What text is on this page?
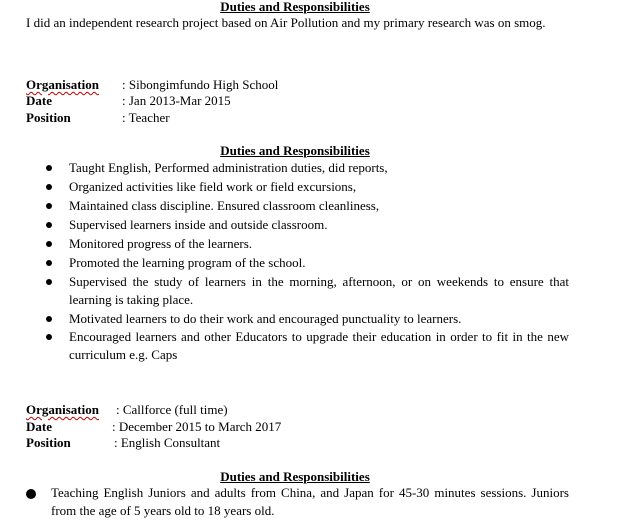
Duties and Responsibilities
I did an independent research project based on Air Pollution and my primary research was on smog.
Organisation : Sibongimfundo High School
Date	: Jan 2013-Mar 2015
Position	: Teacher
Duties and Responsibilities
Taught English, Performed administration duties, did reports,
Organized activities like field work or field excursions,
Maintained class discipline. Ensured classroom cleanliness,
Supervised learners inside and outside classroom.
Monitored progress of the learners.
Promoted the learning program of the school.
Supervised the study of learners in the morning, afternoon, or on weekends to ensure that learning is taking place.
Motivated learners to do their work and encouraged punctuality to learners.
Encouraged learners and other Educators to upgrade their education in order to fit in the new curriculum e.g. Caps
Organisation : Callforce (full time)
Date	: December 2015 to March 2017
Position	: English Consultant
Duties and Responsibilities
Teaching English Juniors and adults from China, and Japan for 45-30 minutes sessions. Juniors from the age of 5 years old to 18 years old.
